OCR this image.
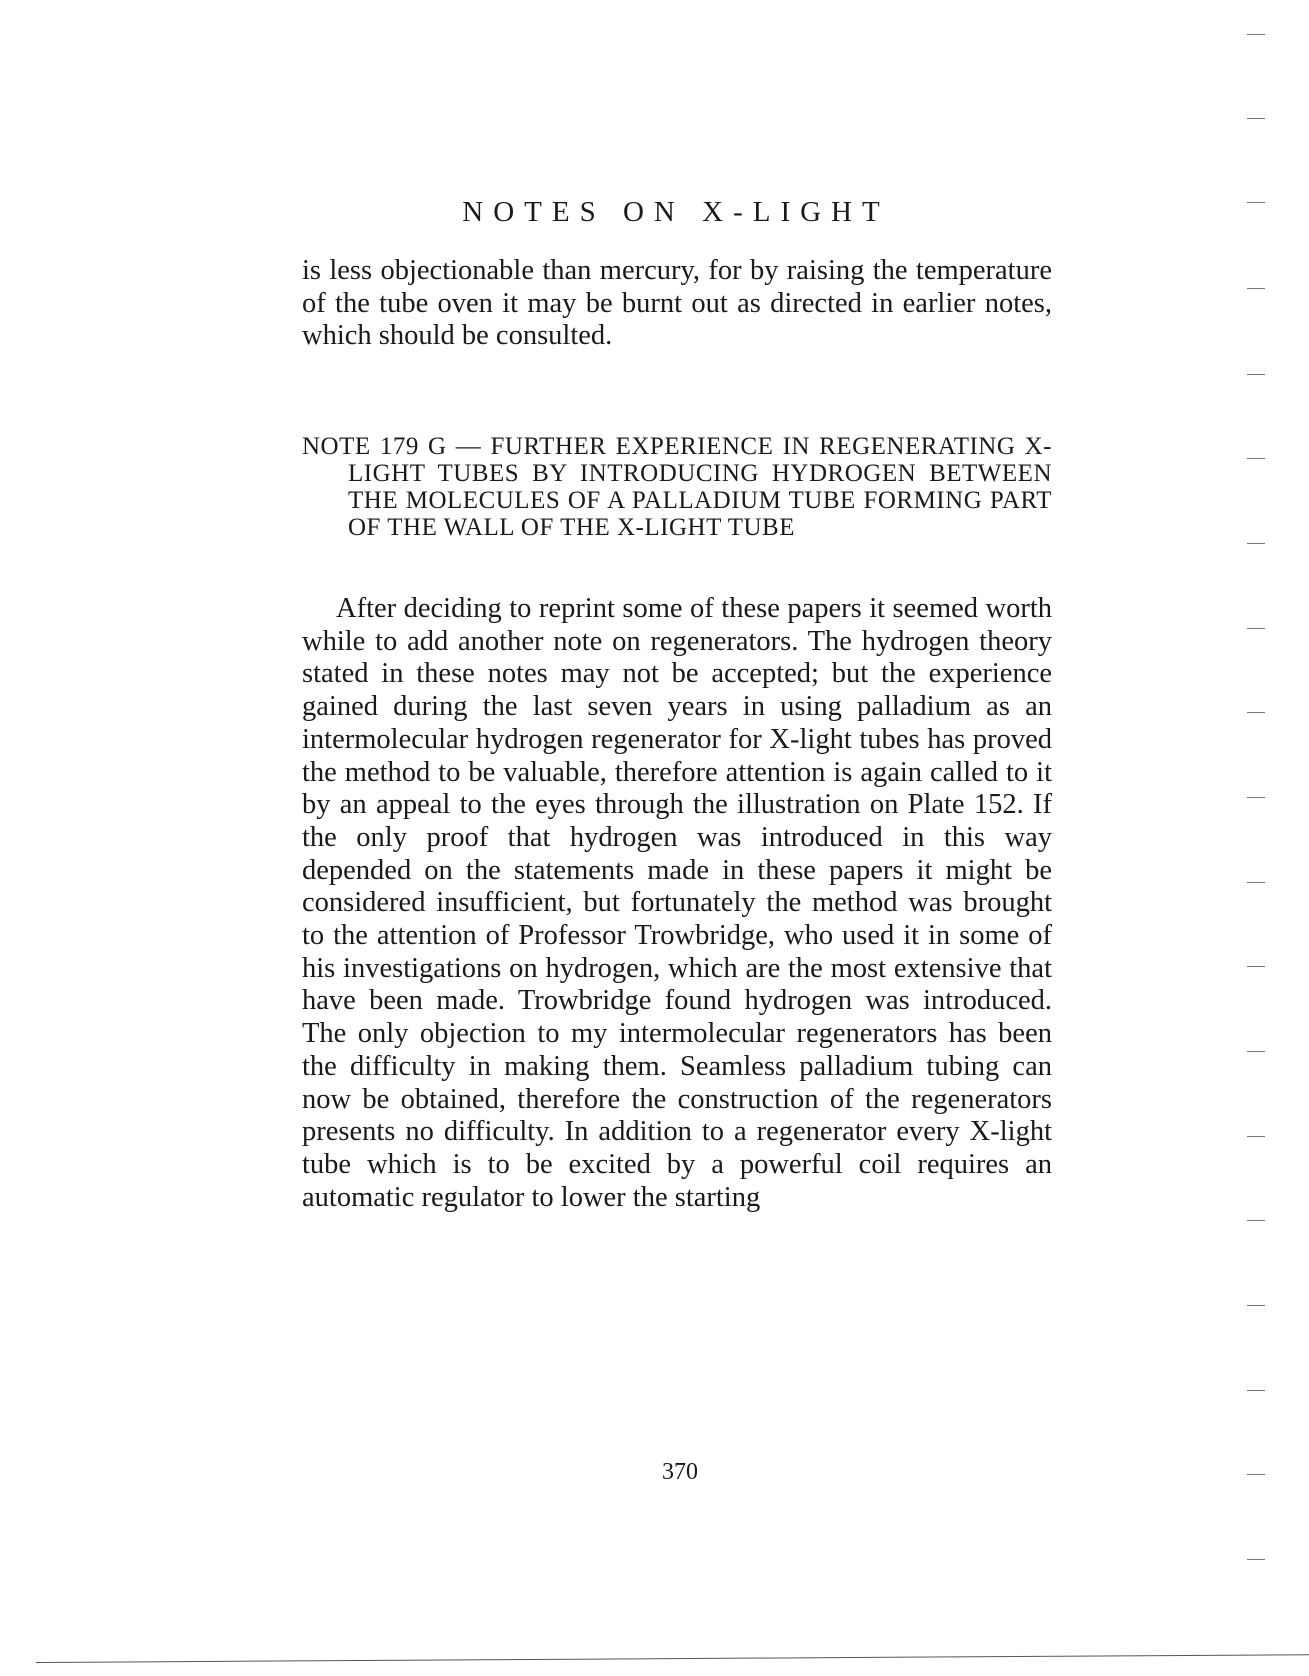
NOTES ON X-LIGHT

is less objectionable than mercury, for by raising the temperature of the tube oven it may be burnt out as directed in earlier notes, which should be consulted.

NOTE 179 G — FURTHER EXPERIENCE IN REGENERATING X-LIGHT TUBES BY INTRODUCING HYDROGEN BETWEEN THE MOLECULES OF A PALLADIUM TUBE FORMING PART OF THE WALL OF THE X-LIGHT TUBE

After deciding to reprint some of these papers it seemed worth while to add another note on regenerators. The hydrogen theory stated in these notes may not be accepted; but the experience gained during the last seven years in using palladium as an intermolecular hydrogen regenerator for X-light tubes has proved the method to be valuable, therefore attention is again called to it by an appeal to the eyes through the illustration on Plate 152. If the only proof that hydrogen was introduced in this way depended on the statements made in these papers it might be considered insufficient, but fortunately the method was brought to the attention of Professor Trowbridge, who used it in some of his investigations on hydrogen, which are the most extensive that have been made. Trowbridge found hydrogen was introduced. The only objection to my intermolecular regenerators has been the difficulty in making them. Seamless palladium tubing can now be obtained, therefore the construction of the regenerators presents no difficulty. In addition to a regenerator every X-light tube which is to be excited by a powerful coil requires an automatic regulator to lower the starting

370
